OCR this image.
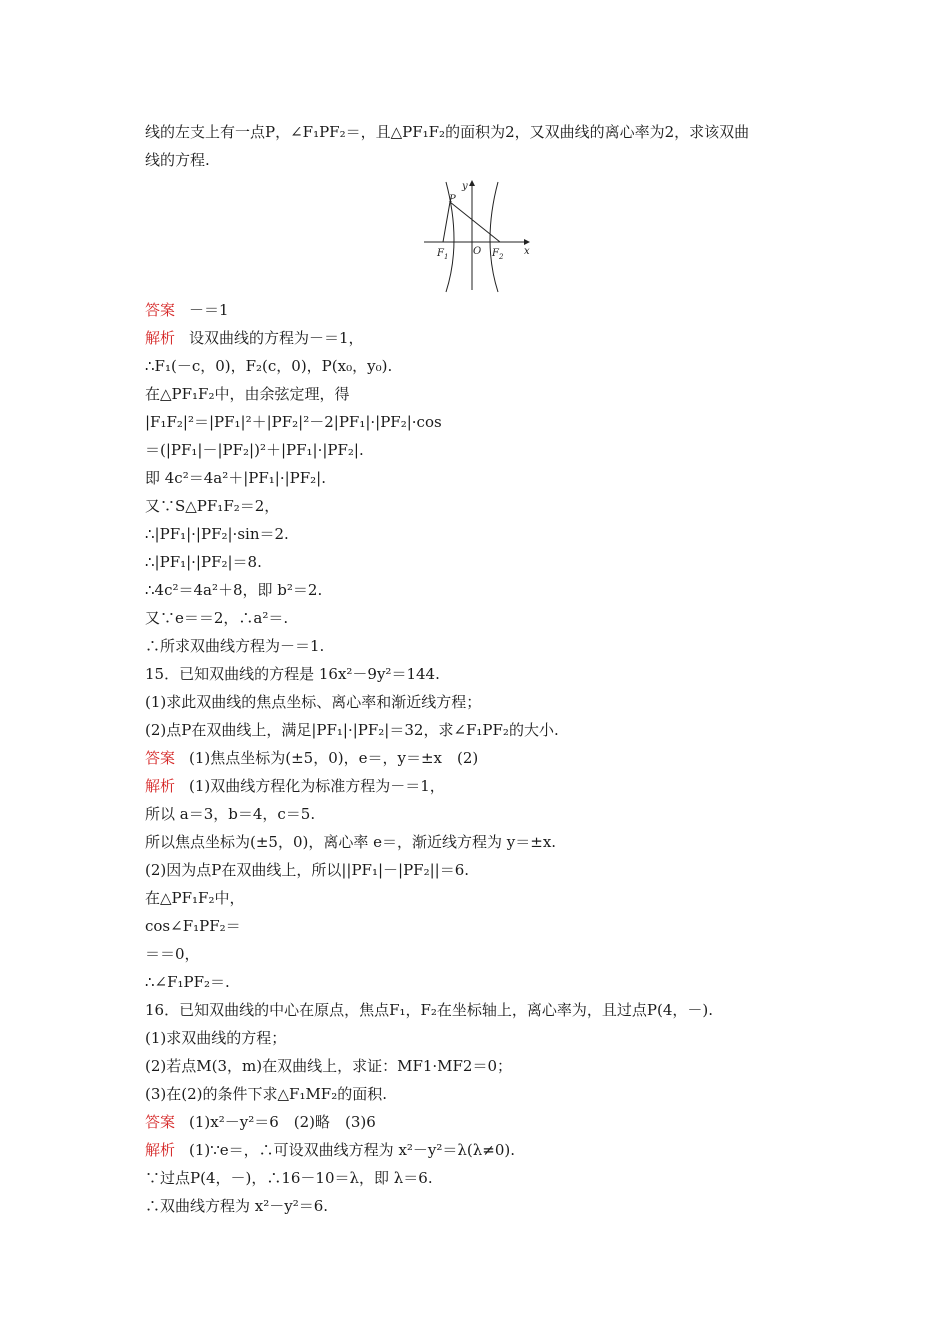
线的左支上有一点P，∠F₁PF₂＝，且△PF₁F₂的面积为2，又双曲线的离心率为2，求该双曲
线的方程.
y
x
P
$F_1$ O $F_2$
答案 －＝1
解析 设双曲线的方程为－＝1，
∴F₁(－c，0)，F₂(c，0)，P(x₀，y₀).
在△PF₁F₂中，由余弦定理，得
|F₁F₂|²＝|PF₁|²＋|PF₂|²－2|PF₁|·|PF₂|·cos
＝(|PF₁|－|PF₂|)²＋|PF₁|·|PF₂|.
即 4c²＝4a²＋|PF₁|·|PF₂|.
又∵S△PF₁F₂＝2，
∴|PF₁|·|PF₂|·sin＝2.
∴|PF₁|·|PF₂|＝8.
∴4c²＝4a²＋8，即 b²＝2.
又∵e＝＝2，∴a²＝.
∴所求双曲线方程为－＝1.
15．已知双曲线的方程是 16x²－9y²＝144.
(1)求此双曲线的焦点坐标、离心率和渐近线方程；
(2)点P在双曲线上，满足|PF₁|·|PF₂|＝32，求∠F₁PF₂的大小.
答案 (1)焦点坐标为(±5，0)，e＝，y＝±x　(2)
解析 (1)双曲线方程化为标准方程为－＝1，
所以 a＝3，b＝4，c＝5.
所以焦点坐标为(±5，0)，离心率 e＝，渐近线方程为 y＝±x.
(2)因为点P在双曲线上，所以||PF₁|－|PF₂||＝6.
在△PF₁F₂中，
cos∠F₁PF₂＝
＝＝0，
∴∠F₁PF₂＝.
16．已知双曲线的中心在原点，焦点F₁，F₂在坐标轴上，离心率为，且过点P(4，－).
(1)求双曲线的方程；
(2)若点M(3，m)在双曲线上，求证：MF1·MF2＝0；
(3)在(2)的条件下求△F₁MF₂的面积.
答案 (1)x²－y²＝6　(2)略　(3)6
解析 (1)∵e＝，∴可设双曲线方程为 x²－y²＝λ(λ≠0).
∵过点P(4，－)，∴16－10＝λ，即 λ＝6.
∴双曲线方程为 x²－y²＝6.
